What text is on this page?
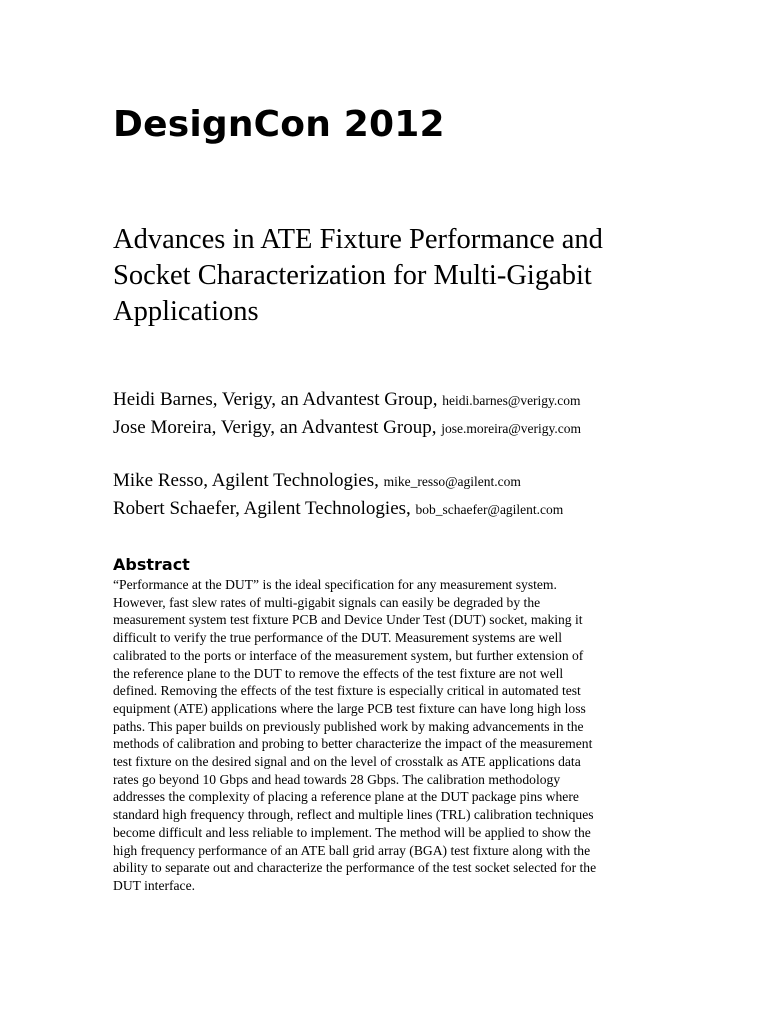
DesignCon 2012
Advances in ATE Fixture Performance and
Socket Characterization for Multi-Gigabit
Applications
Heidi Barnes, Verigy, an Advantest Group, heidi.barnes@verigy.com
Jose Moreira, Verigy, an Advantest Group, jose.moreira@verigy.com
Mike Resso, Agilent Technologies, mike_resso@agilent.com
Robert Schaefer, Agilent Technologies, bob_schaefer@agilent.com
Abstract
“Performance at the DUT” is the ideal specification for any measurement system.
However, fast slew rates of multi-gigabit signals can easily be degraded by the
measurement system test fixture PCB and Device Under Test (DUT) socket, making it
difficult to verify the true performance of the DUT. Measurement systems are well
calibrated to the ports or interface of the measurement system, but further extension of
the reference plane to the DUT to remove the effects of the test fixture are not well
defined. Removing the effects of the test fixture is especially critical in automated test
equipment (ATE) applications where the large PCB test fixture can have long high loss
paths. This paper builds on previously published work by making advancements in the
methods of calibration and probing to better characterize the impact of the measurement
test fixture on the desired signal and on the level of crosstalk as ATE applications data
rates go beyond 10 Gbps and head towards 28 Gbps. The calibration methodology
addresses the complexity of placing a reference plane at the DUT package pins where
standard high frequency through, reflect and multiple lines (TRL) calibration techniques
become difficult and less reliable to implement. The method will be applied to show the
high frequency performance of an ATE ball grid array (BGA) test fixture along with the
ability to separate out and characterize the performance of the test socket selected for the
DUT interface.
